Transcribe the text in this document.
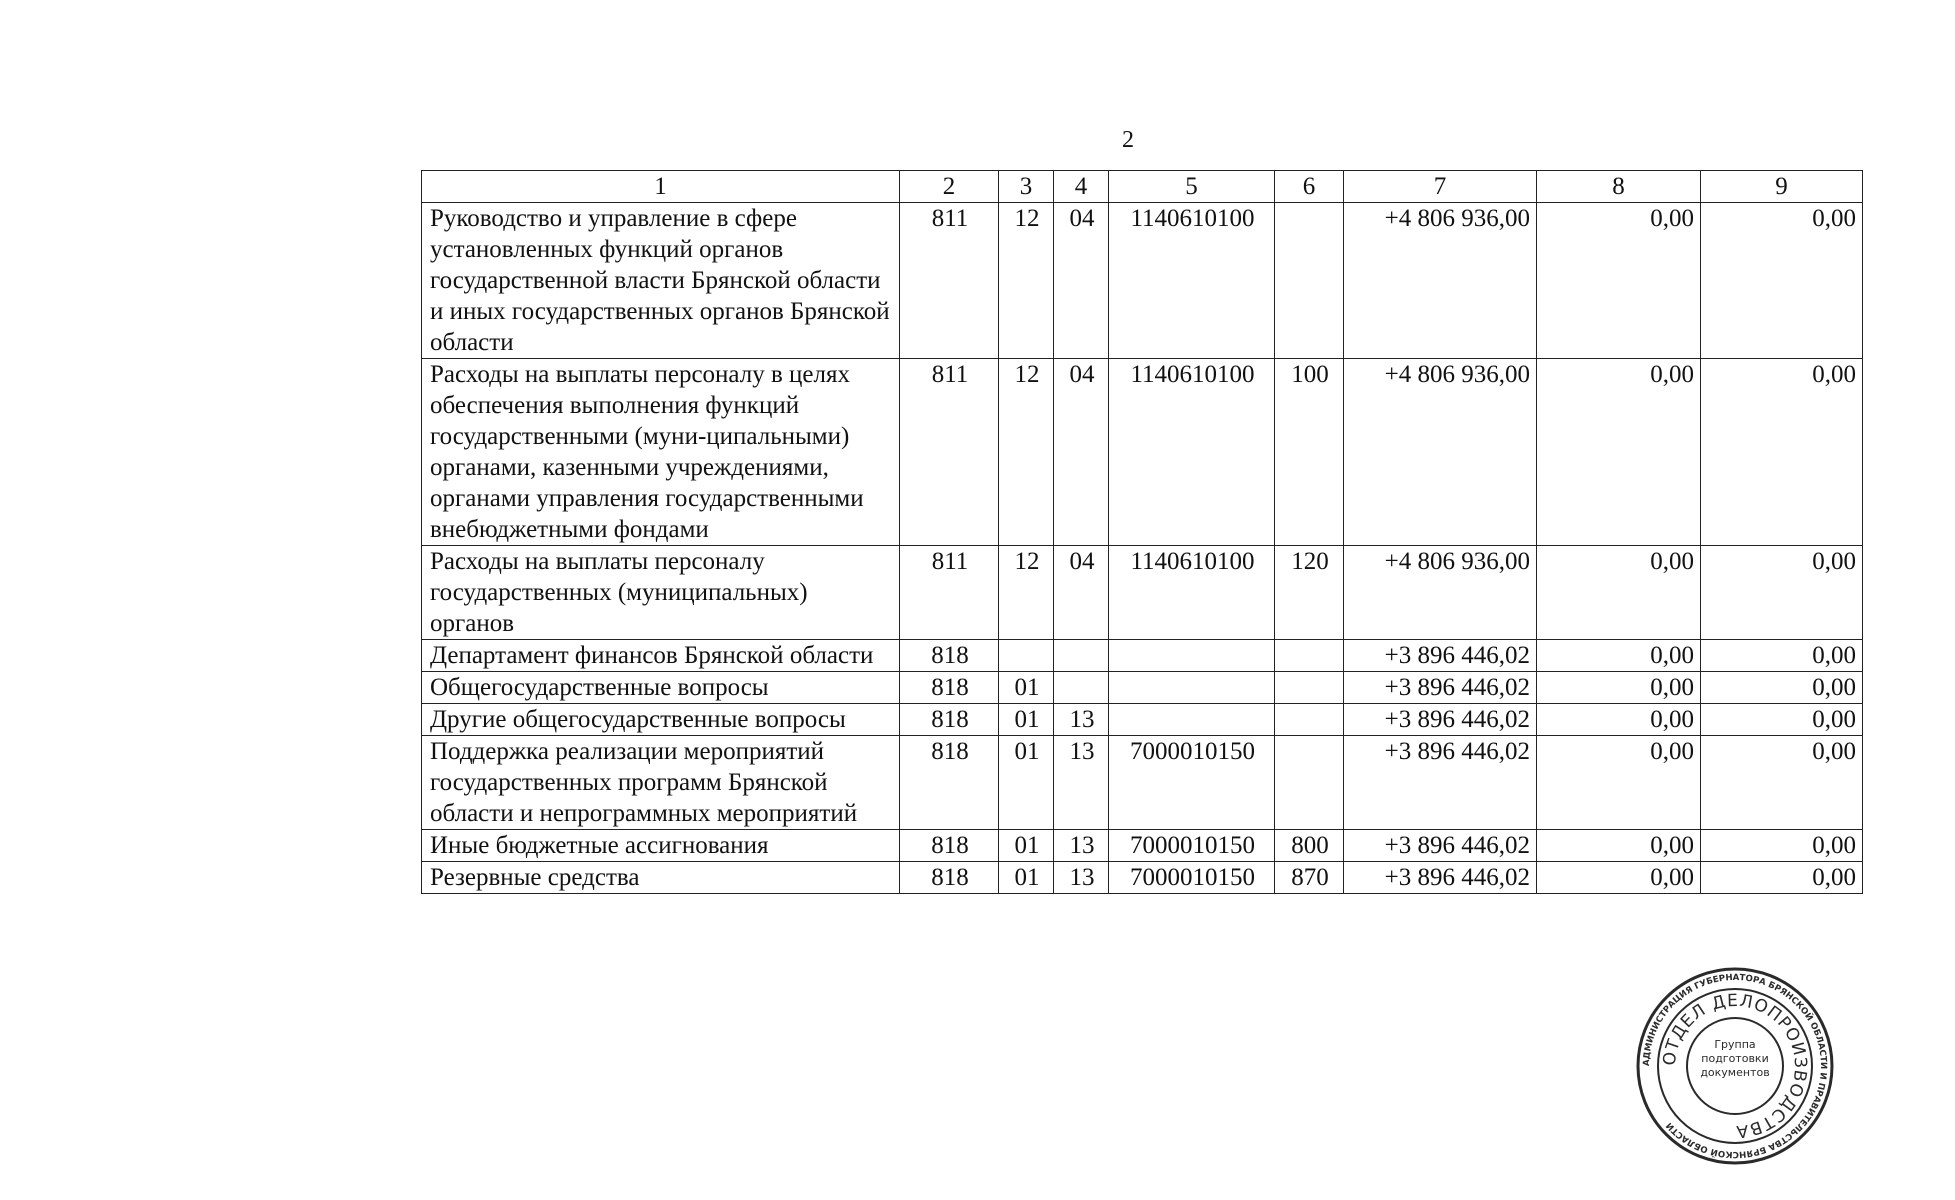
2
1	2	3	4	5	6	7	8	9
Руководство и управление в сфере установленных функций органов государственной власти Брянской области и иных государственных органов Брянской области	811	12	04	1140610100		+4 806 936,00	0,00	0,00
Расходы на выплаты персоналу в целях обеспечения выполнения функций государственными (муни-ципальными) органами, казенными учреждениями, органами управления государственными внебюджетными фондами	811	12	04	1140610100	100	+4 806 936,00	0,00	0,00
Расходы на выплаты персоналу государственных (муниципальных) органов	811	12	04	1140610100	120	+4 806 936,00	0,00	0,00
Департамент финансов Брянской области	818					+3 896 446,02	0,00	0,00
Общегосударственные вопросы	818	01				+3 896 446,02	0,00	0,00
Другие общегосударственные вопросы	818	01	13			+3 896 446,02	0,00	0,00
Поддержка реализации мероприятий государственных программ Брянской области и непрограммных мероприятий	818	01	13	7000010150		+3 896 446,02	0,00	0,00
Иные бюджетные ассигнования	818	01	13	7000010150	800	+3 896 446,02	0,00	0,00
Резервные средства	818	01	13	7000010150	870	+3 896 446,02	0,00	0,00
АДМИНИСТРАЦИЯ ГУБЕРНАТОРА БРЯНСКОЙ ОБЛАСТИ И ПРАВИТЕЛЬСТВА БРЯНСКОЙ ОБЛАСТИ
ОТДЕЛ ДЕЛОПРОИЗВОДСТВА
Группа подготовки документов
